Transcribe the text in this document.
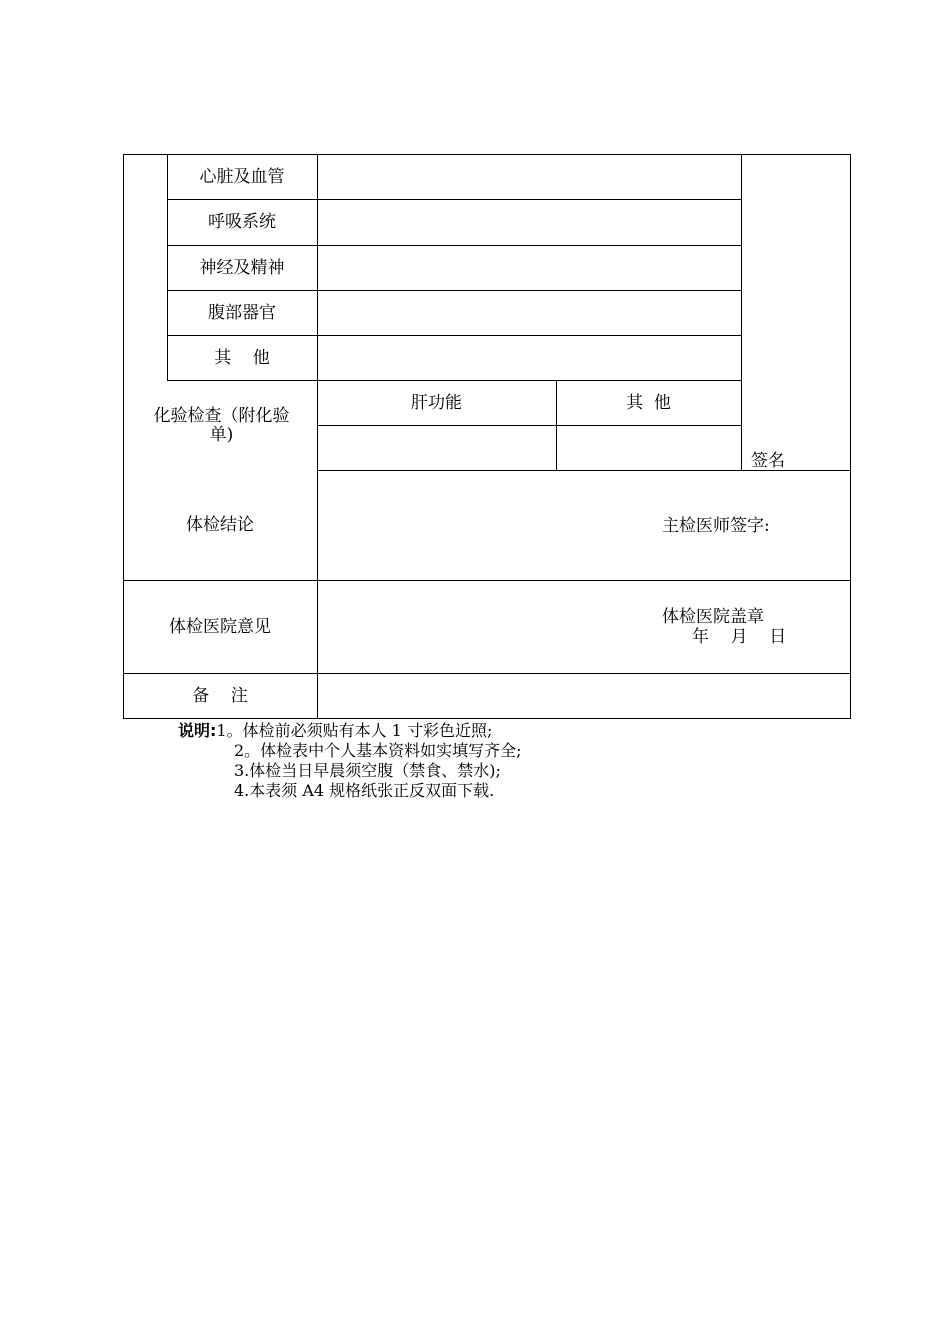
心脏及血管
呼吸系统
神经及精神
腹部器官
其    他
化验检查（附化验
单)
肝功能	其  他
签名
体检结论	主检医师签字:
体检医院意见	体检医院盖章
年    月    日
备    注
说明:1。体检前必须贴有本人 1 寸彩色近照;
2。体检表中个人基本资料如实填写齐全;
3.体检当日早晨须空腹（禁食、禁水);
4.本表须 A4 规格纸张正反双面下载.
